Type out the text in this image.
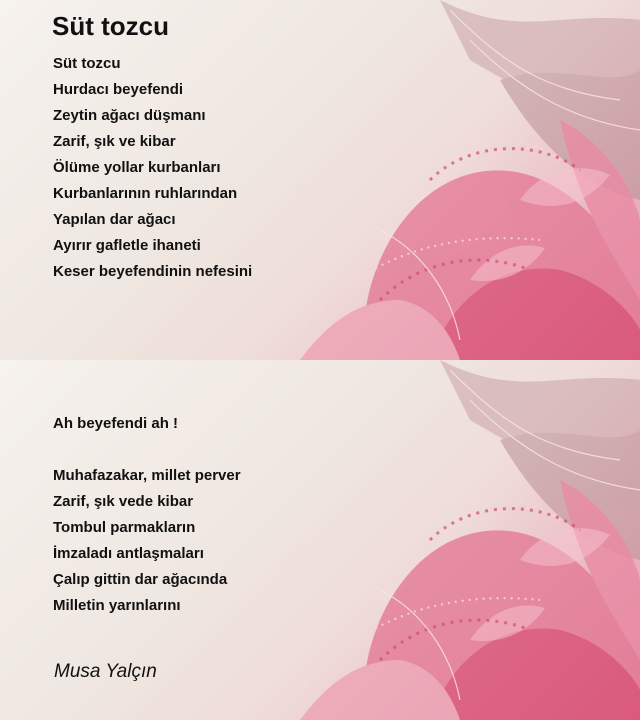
Süt tozcu
Süt tozcu
Hurdacı beyefendi
Zeytin ağacı düşmanı
Zarif, şık ve kibar
Ölüme yollar kurbanları
Kurbanlarının ruhlarından
Yapılan dar ağacı
Ayırır gafletle ihaneti
Keser beyefendinin nefesini
Ah beyefendi ah !
Muhafazakar, millet perver
Zarif, şık vede kibar
Tombul parmakların
İmzaladı antlaşmaları
Çalıp gittin dar ağacında
Milletin yarınlarını
Musa Yalçın
